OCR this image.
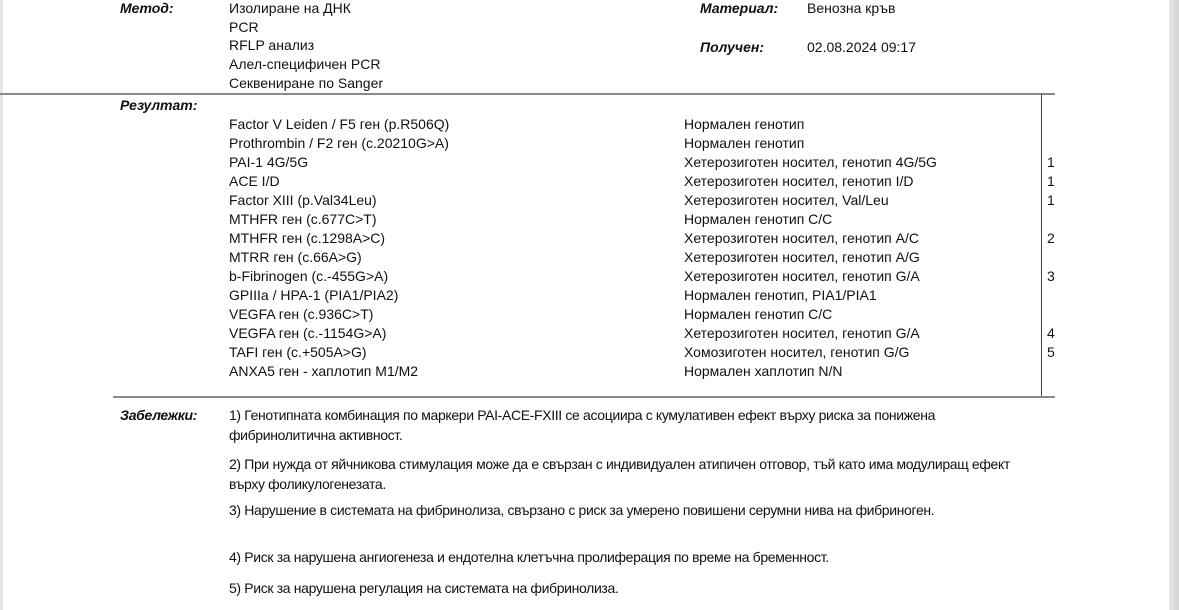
Метод:	Изолиране на ДНК
PCR
RFLP анализ
Алел-специфичен PCR
Секвениране по Sanger
Материал: Венозна кръв
Получен:	02.08.2024 09:17
Резултат:
Factor V Leiden / F5 ген (p.R506Q)	Нормален генотип
Prothrombin / F2 ген (c.20210G>A)	Нормален генотип
PAI-1 4G/5G	Хетерозиготен носител, генотип 4G/5G	1
ACE I/D	Хетерозиготен носител, генотип I/D	1
Factor XIII (p.Val34Leu)	Хетерозиготен носител, Val/Leu	1
MTHFR ген (c.677C>T)	Нормален генотип C/C
MTHFR ген (c.1298A>C)	Хетерозиготен носител, генотип A/C	2
MTRR ген (c.66A>G)	Хетерозиготен носител, генотип A/G
b-Fibrinogen (c.-455G>A)	Хетерозиготен носител, генотип G/A	3
GPIIIa / HPA-1 (PIA1/PIA2)	Нормален генотип, PIA1/PIA1
VEGFA ген (c.936C>T)	Нормален генотип C/C
VEGFA ген (c.-1154G>A)	Хетерозиготен носител, генотип G/A	4
TAFI ген (c.+505A>G)	Хомозиготен носител, генотип G/G	5
ANXA5 ген - хаплотип M1/M2	Нормален хаплотип N/N
Забележки: 1) Генотипната комбинация по маркери PAI-ACE-FXIII се асоциира с кумулативен ефект върху риска за понижена фибринолитична активност.
2) При нужда от яйчникова стимулация може да е свързан с индивидуален атипичен отговор, тъй като има модулиращ ефект върху фоликулогенезата.
3) Нарушение в системата на фибринолиза, свързано с риск за умерено повишени серумни нива на фибриноген.
4) Риск за нарушена ангиогенеза и ендотелна клетъчна пролиферация по време на бременност.
5) Риск за нарушена регулация на системата на фибринолиза.
